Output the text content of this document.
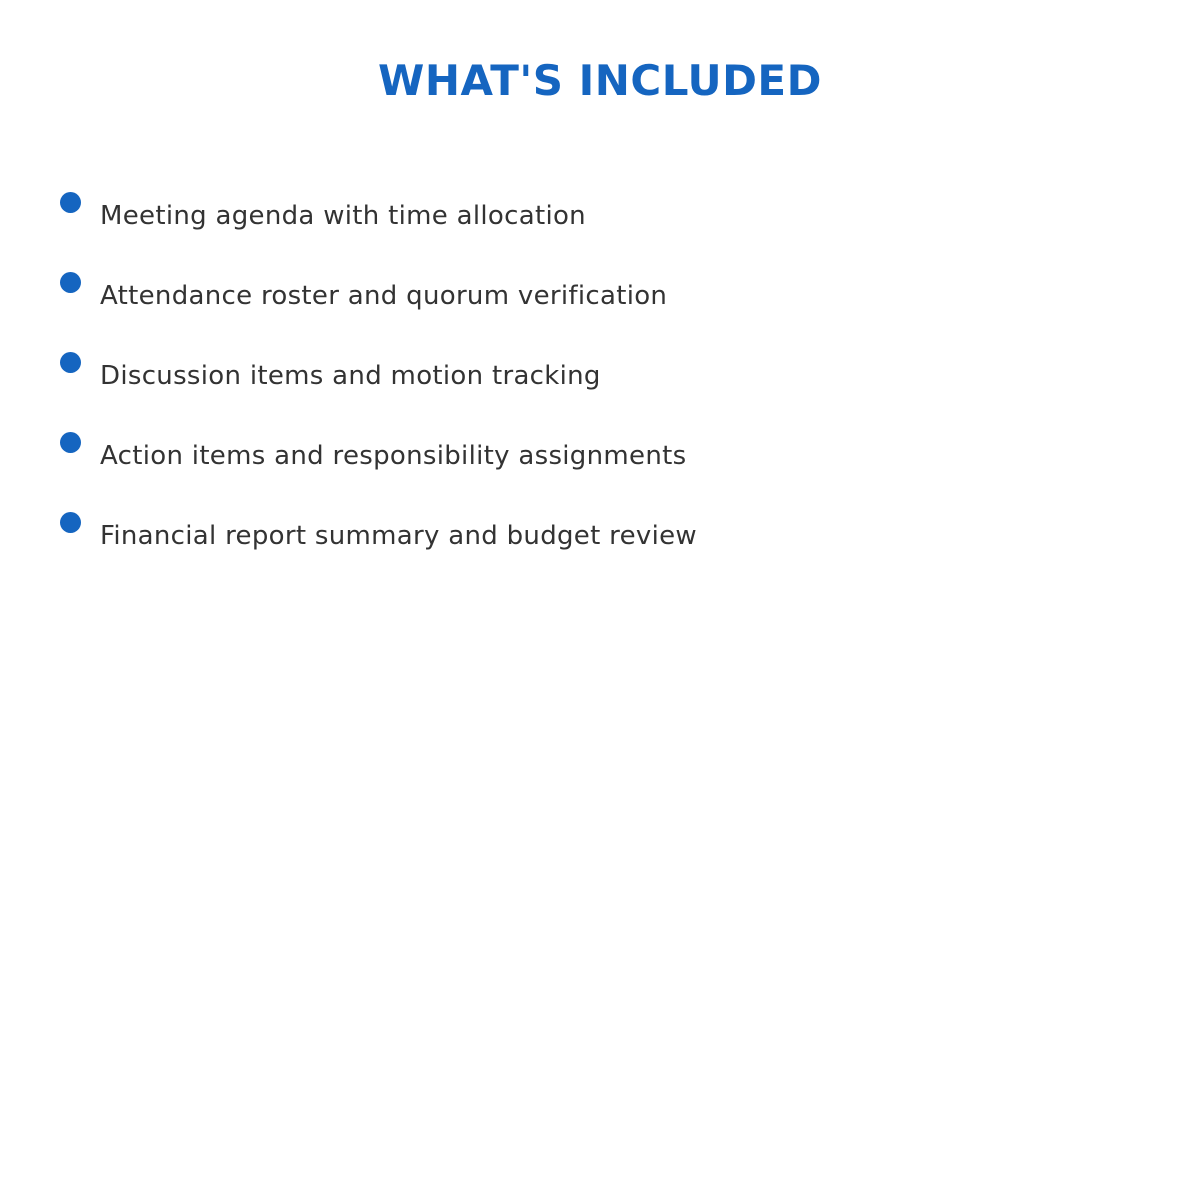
WHAT'S INCLUDED
Meeting agenda with time allocation
Attendance roster and quorum verification
Discussion items and motion tracking
Action items and responsibility assignments
Financial report summary and budget review
